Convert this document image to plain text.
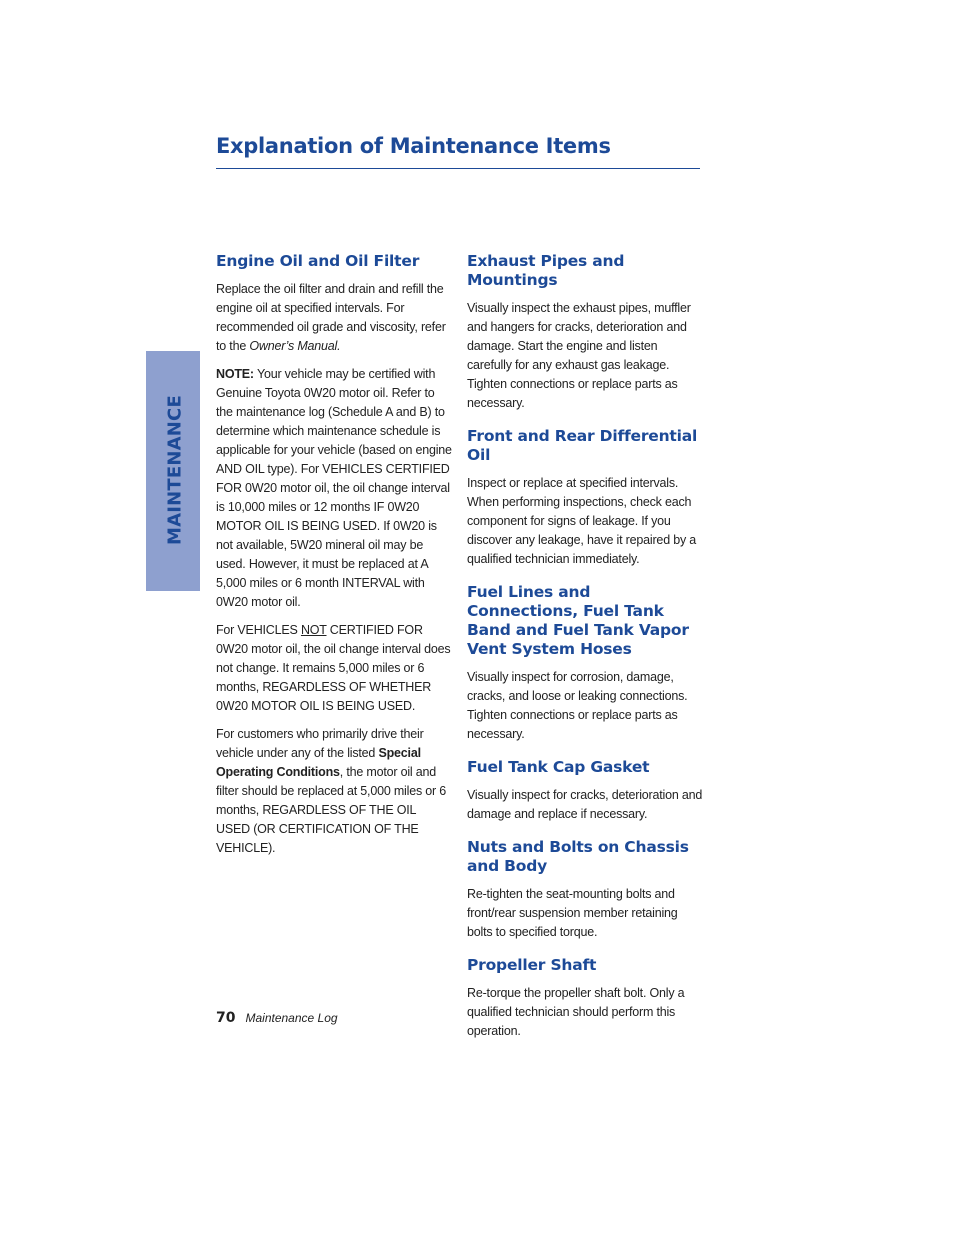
Explanation of Maintenance Items
MAINTENANCE
Engine Oil and Oil Filter

Replace the oil filter and drain and refill the engine oil at specified intervals. For recommended oil grade and viscosity, refer to the Owner’s Manual.

NOTE: Your vehicle may be certified with Genuine Toyota 0W20 motor oil. Refer to the maintenance log (Schedule A and B) to determine which maintenance schedule is applicable for your vehicle (based on engine AND OIL type). For VEHICLES CERTIFIED FOR 0W20 motor oil, the oil change interval is 10,000 miles or 12 months IF 0W20 MOTOR OIL IS BEING USED. If 0W20 is not available, 5W20 mineral oil may be used. However, it must be replaced at A 5,000 miles or 6 month INTERVAL with 0W20 motor oil.

For VEHICLES NOT CERTIFIED FOR 0W20 motor oil, the oil change interval does not change. It remains 5,000 miles or 6 months, REGARDLESS OF WHETHER 0W20 MOTOR OIL IS BEING USED.

For customers who primarily drive their vehicle under any of the listed Special Operating Conditions, the motor oil and filter should be replaced at 5,000 miles or 6 months, REGARDLESS OF THE OIL USED (OR CERTIFICATION OF THE VEHICLE).

Exhaust Pipes and Mountings

Visually inspect the exhaust pipes, muffler and hangers for cracks, deterioration and damage. Start the engine and listen carefully for any exhaust gas leakage. Tighten connections or replace parts as necessary.

Front and Rear Differential Oil

Inspect or replace at specified intervals. When performing inspections, check each component for signs of leakage. If you discover any leakage, have it repaired by a qualified technician immediately.

Fuel Lines and Connections, Fuel Tank Band and Fuel Tank Vapor Vent System Hoses

Visually inspect for corrosion, damage, cracks, and loose or leaking connections. Tighten connections or replace parts as necessary.

Fuel Tank Cap Gasket

Visually inspect for cracks, deterioration and damage and replace if necessary.

Nuts and Bolts on Chassis and Body

Re-tighten the seat-mounting bolts and front/rear suspension member retaining bolts to specified torque.

Propeller Shaft

Re-torque the propeller shaft bolt. Only a qualified technician should perform this operation.

70 Maintenance Log
